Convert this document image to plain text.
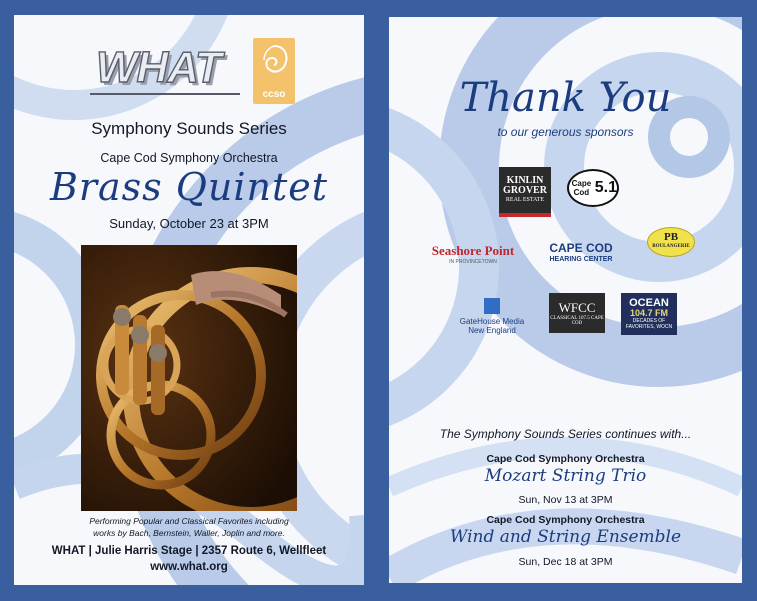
WHAT
ccso
Symphony Sounds Series
Cape Cod Symphony Orchestra
Brass Quintet
Sunday, October 23 at 3PM
Performing Popular and Classical Favorites including
works by Bach, Bernstein, Waller, Joplin and more.
WHAT | Julie Harris Stage | 2357 Route 6, Wellfleet
www.what.org
Thank You
to our generous sponsors
KINLIN
GROVER
REAL ESTATE
Cape Cod 5.1
Seashore Point
IN PROVINCETOWN
CAPE COD
HEARING CENTER
PB
BOULANGERIE
GateHouse Media
New England
WFCC
CLASSICAL 107.5 CAPE COD
OCEAN
104.7 FM
DECADES OF FAVORITES, WOCN
The Symphony Sounds Series continues with...
Cape Cod Symphony Orchestra
Mozart String Trio
Sun, Nov 13 at 3PM
Cape Cod Symphony Orchestra
Wind and String Ensemble
Sun, Dec 18 at 3PM
